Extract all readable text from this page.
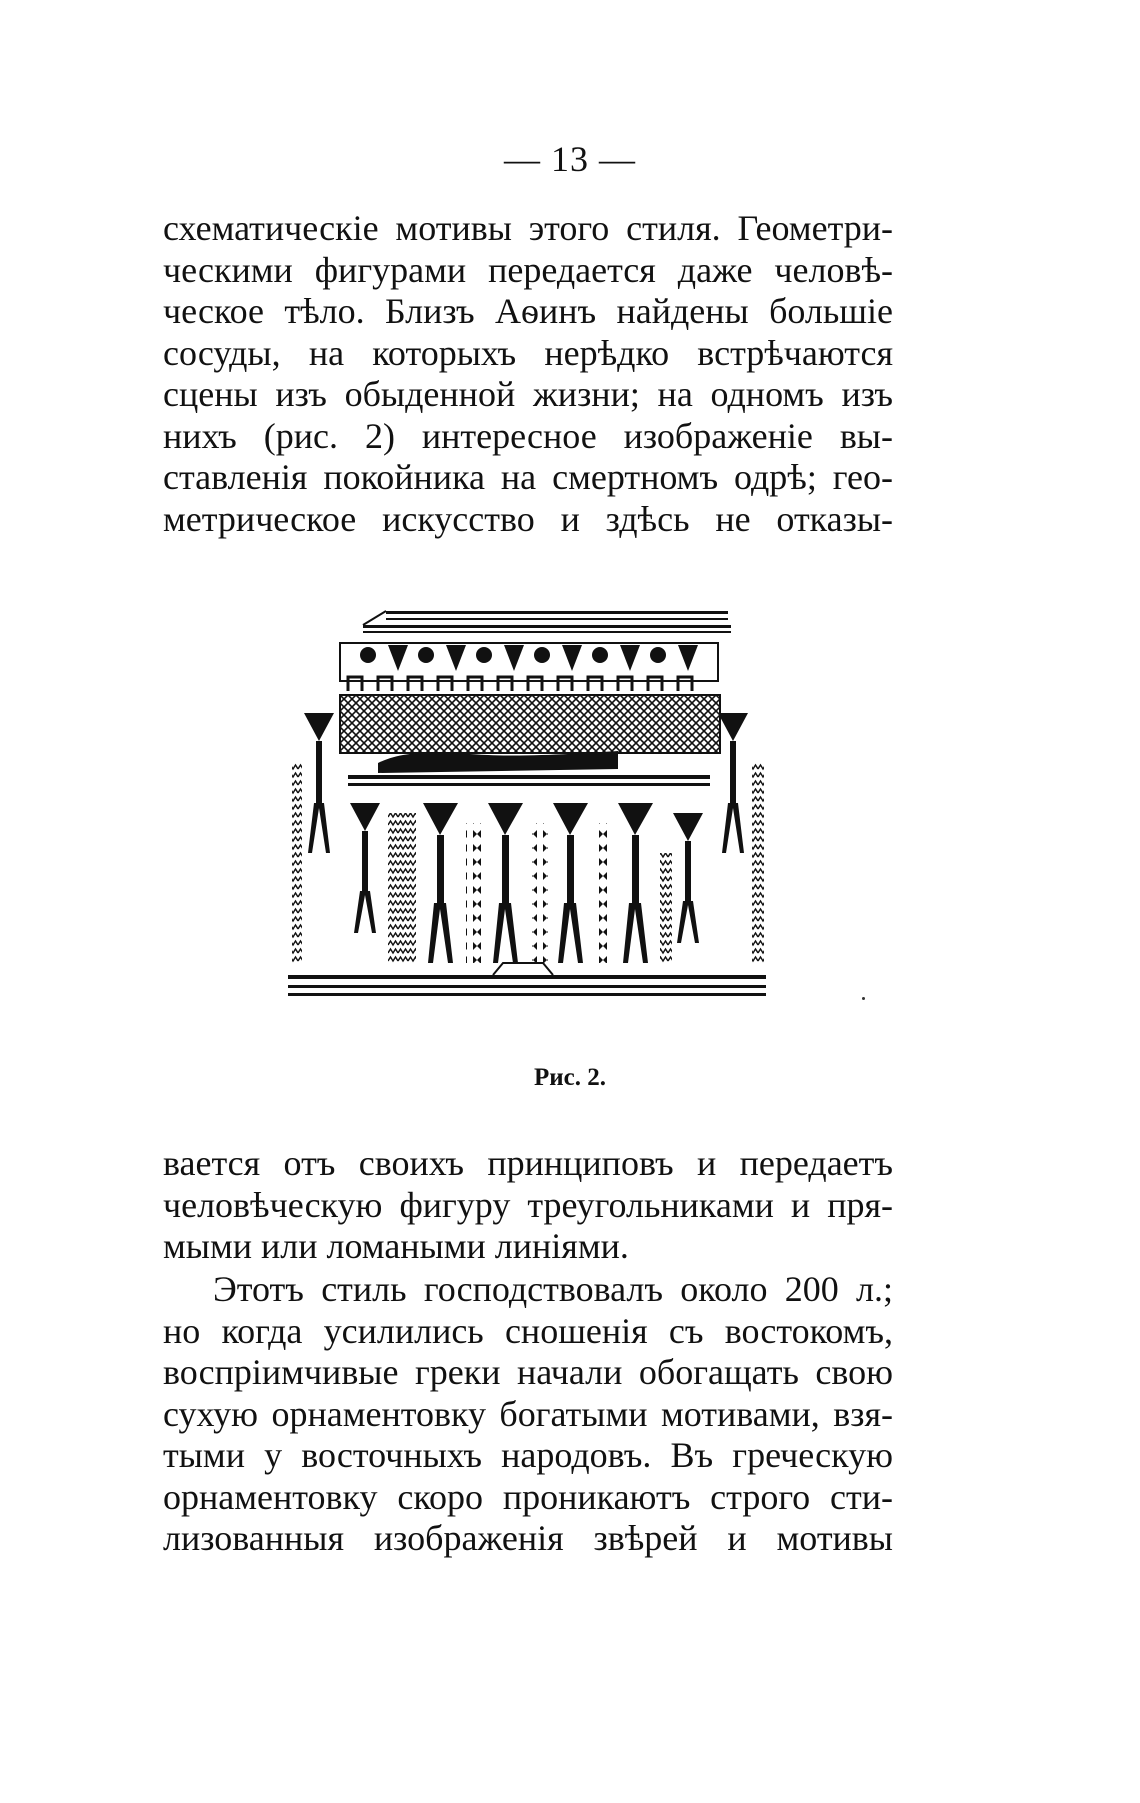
— 13 —
схематическіе мотивы этого стиля. Геометри-
ческими фигурами передается даже человѣ-
ческое тѣло. Близъ Аѳинъ найдены большіе
сосуды, на которыхъ нерѣдко встрѣчаются
сцены изъ обыденной жизни; на одномъ изъ
нихъ (рис. 2) интересное изображеніе вы-
ставленія покойника на смертномъ одрѣ; гео-
метрическое искусство и здѣсь не отказы-
Рис. 2.
вается отъ своихъ принциповъ и передаетъ
человѣческую фигуру треугольниками и пря-
мыми или ломаными линіями.
Этотъ стиль господствовалъ около 200 л.;
но когда усилились сношенія съ востокомъ,
воспріимчивые греки начали обогащать свою
сухую орнаментовку богатыми мотивами, взя-
тыми у восточныхъ народовъ. Въ греческую
орнаментовку скоро проникаютъ строго сти-
лизованныя изображенія звѣрей и мотивы
